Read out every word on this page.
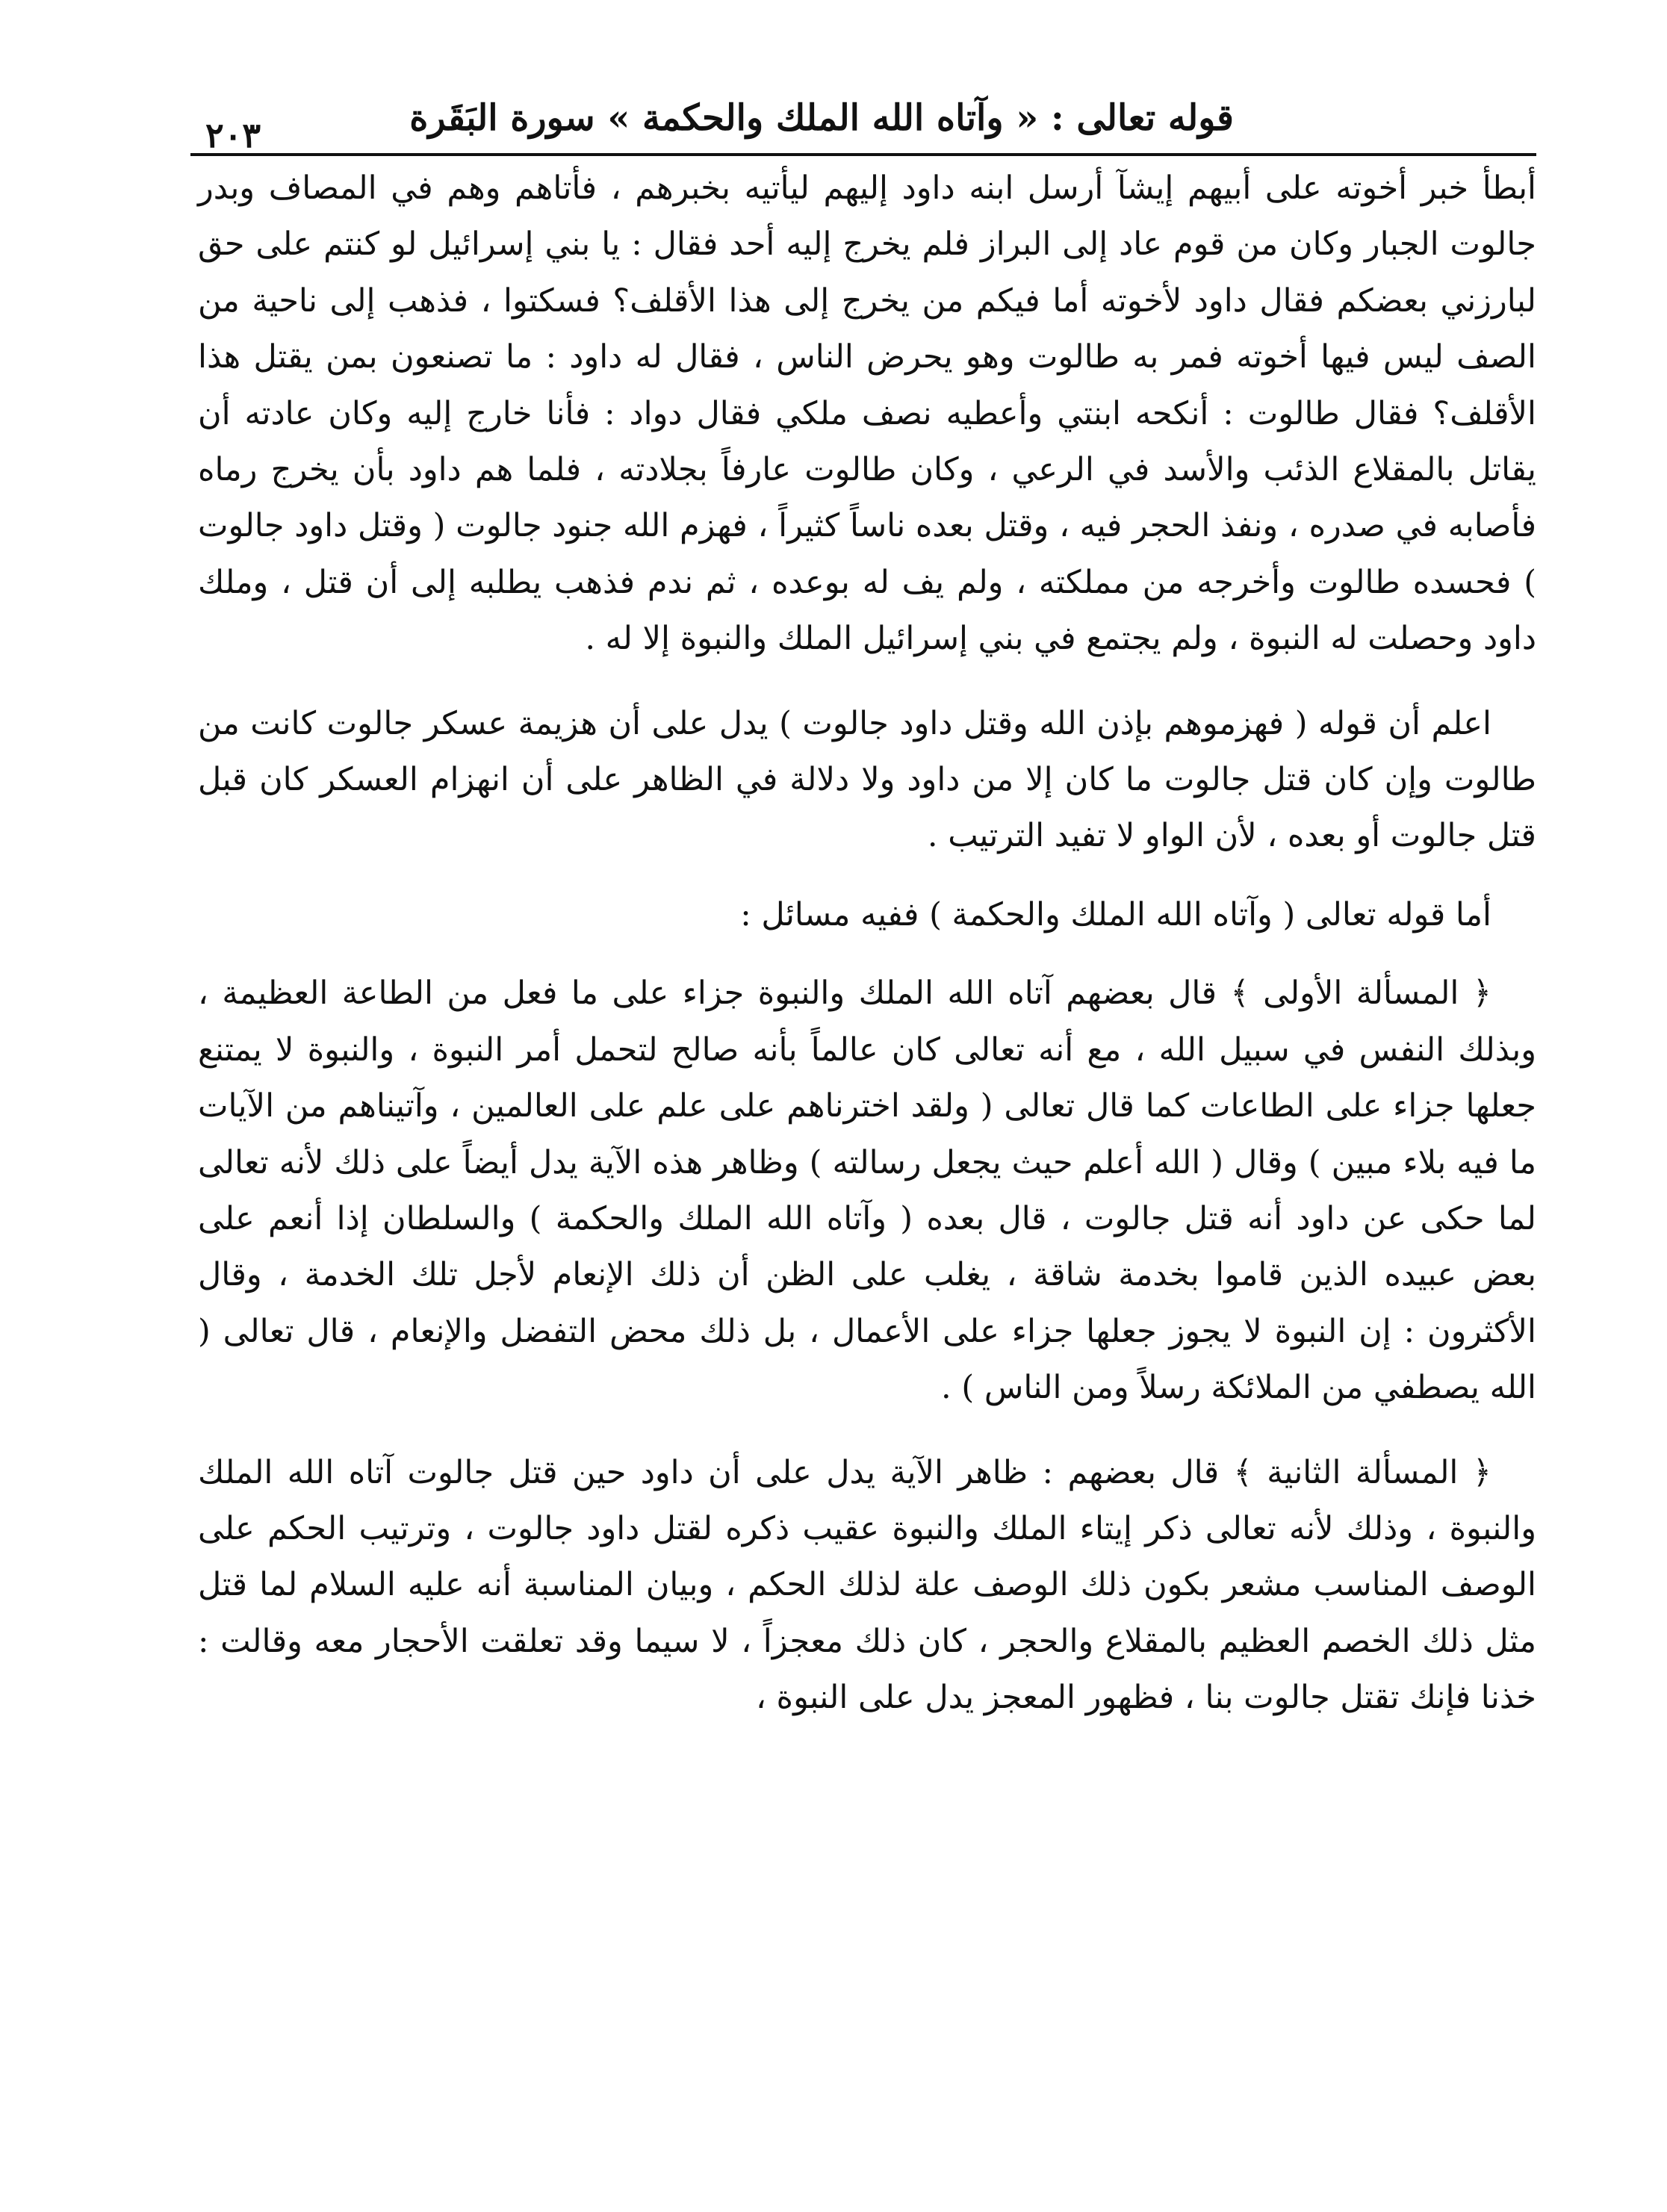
٢٠٣	قوله تعالى : « وآتاه الله الملك والحكمة » سورة البَقَرة

أبطأ خبر أخوته على أبيهم إيشآ أرسل ابنه داود إليهم ليأتيه بخبرهم ، فأتاهم وهم في المصاف وبدر جالوت الجبار وكان من قوم عاد إلى البراز فلم يخرج إليه أحد فقال : يا بني إسرائيل لو كنتم على حق لبارزني بعضكم فقال داود لأخوته أما فيكم من يخرج إلى هذا الأقلف؟ فسكتوا ، فذهب إلى ناحية من الصف ليس فيها أخوته فمر به طالوت وهو يحرض الناس ، فقال له داود : ما تصنعون بمن يقتل هذا الأقلف؟ فقال طالوت : أنكحه ابنتي وأعطيه نصف ملكي فقال دواد : فأنا خارج إليه وكان عادته أن يقاتل بالمقلاع الذئب والأسد في الرعي ، وكان طالوت عارفاً بجلادته ، فلما هم داود بأن يخرج رماه فأصابه في صدره ، ونفذ الحجر فيه ، وقتل بعده ناساً كثيراً ، فهزم الله جنود جالوت ( وقتل داود جالوت ) فحسده طالوت وأخرجه من مملكته ، ولم يف له بوعده ، ثم ندم فذهب يطلبه إلى أن قتل ، وملك داود وحصلت له النبوة ، ولم يجتمع في بني إسرائيل الملك والنبوة إلا له .

اعلم أن قوله ( فهزموهم بإذن الله وقتل داود جالوت ) يدل على أن هزيمة عسكر جالوت كانت من طالوت وإن كان قتل جالوت ما كان إلا من داود ولا دلالة في الظاهر على أن انهزام العسكر كان قبل قتل جالوت أو بعده ، لأن الواو لا تفيد الترتيب .

أما قوله تعالى ( وآتاه الله الملك والحكمة ) ففيه مسائل :

﴿ المسألة الأولى ﴾ قال بعضهم آتاه الله الملك والنبوة جزاء على ما فعل من الطاعة العظيمة ، وبذلك النفس في سبيل الله ، مع أنه تعالى كان عالماً بأنه صالح لتحمل أمر النبوة ، والنبوة لا يمتنع جعلها جزاء على الطاعات كما قال تعالى ( ولقد اخترناهم على علم على العالمين ، وآتيناهم من الآيات ما فيه بلاء مبين ) وقال ( الله أعلم حيث يجعل رسالته ) وظاهر هذه الآية يدل أيضاً على ذلك لأنه تعالى لما حكى عن داود أنه قتل جالوت ، قال بعده ( وآتاه الله الملك والحكمة ) والسلطان إذا أنعم على بعض عبيده الذين قاموا بخدمة شاقة ، يغلب على الظن أن ذلك الإنعام لأجل تلك الخدمة ، وقال الأكثرون : إن النبوة لا يجوز جعلها جزاء على الأعمال ، بل ذلك محض التفضل والإنعام ، قال تعالى ( الله يصطفي من الملائكة رسلاً ومن الناس ) .

﴿ المسألة الثانية ﴾ قال بعضهم : ظاهر الآية يدل على أن داود حين قتل جالوت آتاه الله الملك والنبوة ، وذلك لأنه تعالى ذكر إيتاء الملك والنبوة عقيب ذكره لقتل داود جالوت ، وترتيب الحكم على الوصف المناسب مشعر بكون ذلك الوصف علة لذلك الحكم ، وبيان المناسبة أنه عليه السلام لما قتل مثل ذلك الخصم العظيم بالمقلاع والحجر ، كان ذلك معجزاً ، لا سيما وقد تعلقت الأحجار معه وقالت : خذنا فإنك تقتل جالوت بنا ، فظهور المعجز يدل على النبوة ،
